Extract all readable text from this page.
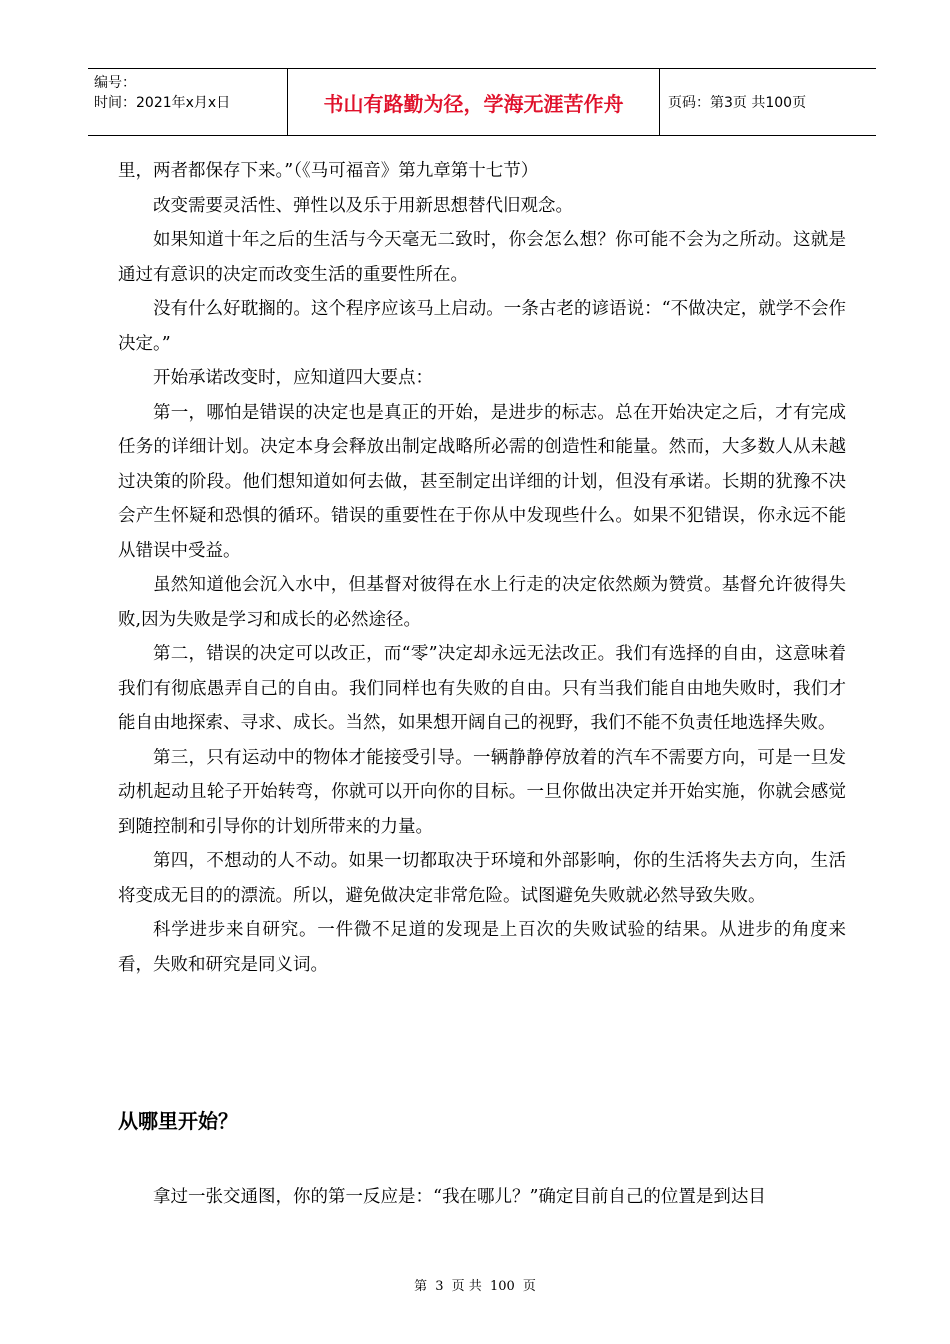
编号：
时间：2021年x月x日	书山有路勤为径，学海无涯苦作舟	页码：第3页 共100页

里，两者都保存下来。”（《马可福音》第九章第十七节）

改变需要灵活性、弹性以及乐于用新思想替代旧观念。

如果知道十年之后的生活与今天毫无二致时，你会怎么想？你可能不会为之所动。这就是通过有意识的决定而改变生活的重要性所在。

没有什么好耽搁的。这个程序应该马上启动。一条古老的谚语说：“不做决定，就学不会作决定。”

开始承诺改变时，应知道四大要点：

第一，哪怕是错误的决定也是真正的开始，是进步的标志。总在开始决定之后，才有完成任务的详细计划。决定本身会释放出制定战略所必需的创造性和能量。然而，大多数人从未越过决策的阶段。他们想知道如何去做，甚至制定出详细的计划，但没有承诺。长期的犹豫不决会产生怀疑和恐惧的循环。错误的重要性在于你从中发现些什么。如果不犯错误，你永远不能从错误中受益。

虽然知道他会沉入水中，但基督对彼得在水上行走的决定依然颇为赞赏。基督允许彼得失败,因为失败是学习和成长的必然途径。

第二，错误的决定可以改正，而“零”决定却永远无法改正。我们有选择的自由，这意味着我们有彻底愚弄自己的自由。我们同样也有失败的自由。只有当我们能自由地失败时，我们才能自由地探索、寻求、成长。当然，如果想开阔自己的视野，我们不能不负责任地选择失败。

第三，只有运动中的物体才能接受引导。一辆静静停放着的汽车不需要方向，可是一旦发动机起动且轮子开始转弯，你就可以开向你的目标。一旦你做出决定并开始实施，你就会感觉到随控制和引导你的计划所带来的力量。

第四，不想动的人不动。如果一切都取决于环境和外部影响，你的生活将失去方向，生活将变成无目的的漂流。所以，避免做决定非常危险。试图避免失败就必然导致失败。

科学进步来自研究。一件微不足道的发现是上百次的失败试验的结果。从进步的角度来看，失败和研究是同义词。

从哪里开始？
拿过一张交通图，你的第一反应是：“我在哪儿？”确定目前自己的位置是到达目
第 3 页 共 100 页
